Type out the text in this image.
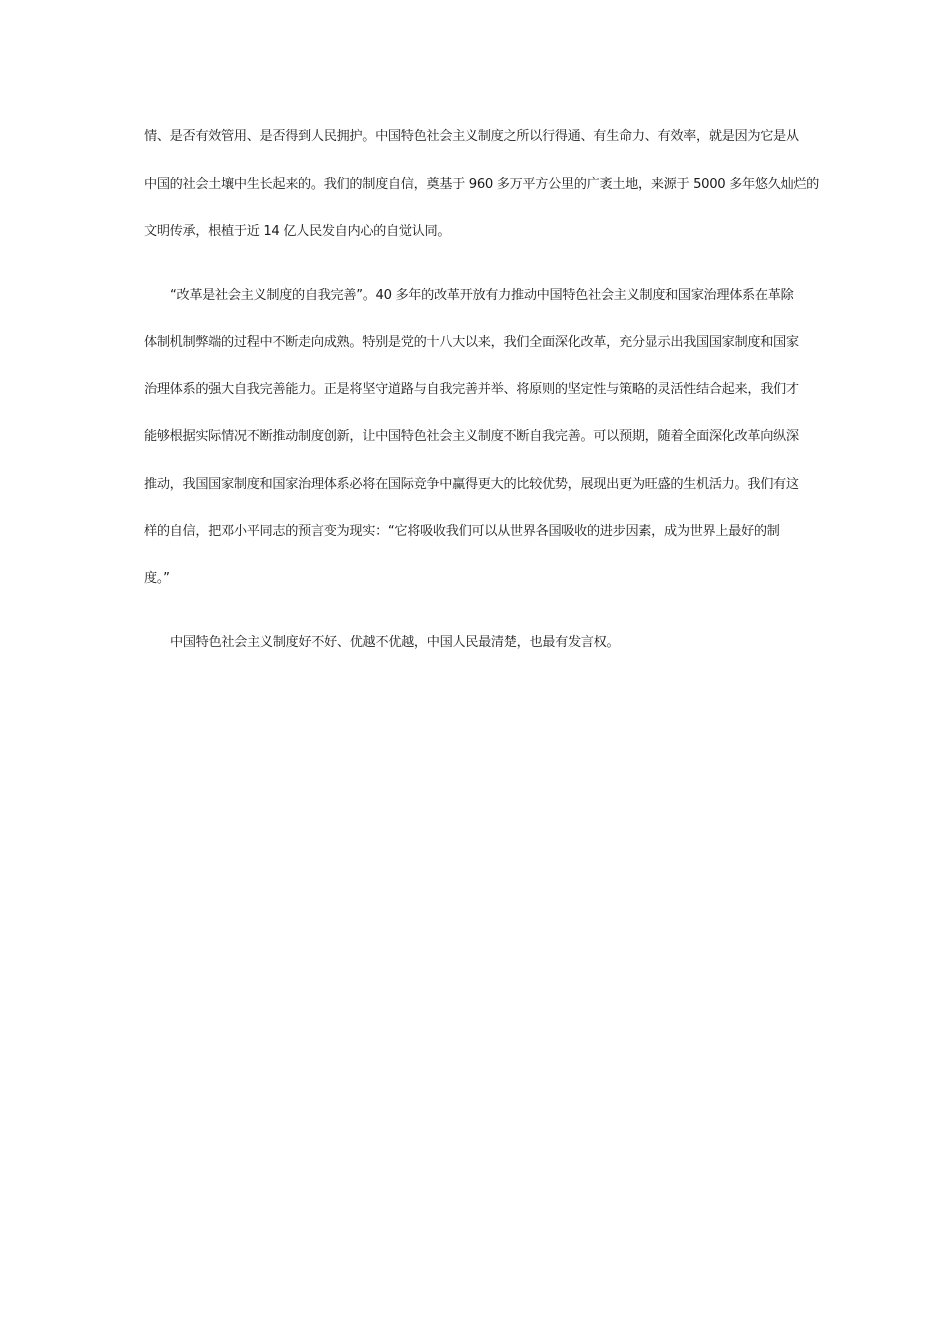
情、是否有效管用、是否得到人民拥护。中国特色社会主义制度之所以行得通、有生命力、有效率，就是因为它是从
中国的社会土壤中生长起来的。我们的制度自信，奠基于 960 多万平方公里的广袤土地，来源于 5000 多年悠久灿烂的
文明传承，根植于近 14 亿人民发自内心的自觉认同。
“改革是社会主义制度的自我完善”。40 多年的改革开放有力推动中国特色社会主义制度和国家治理体系在革除
体制机制弊端的过程中不断走向成熟。特别是党的十八大以来，我们全面深化改革，充分显示出我国国家制度和国家
治理体系的强大自我完善能力。正是将坚守道路与自我完善并举、将原则的坚定性与策略的灵活性结合起来，我们才
能够根据实际情况不断推动制度创新，让中国特色社会主义制度不断自我完善。可以预期，随着全面深化改革向纵深
推动，我国国家制度和国家治理体系必将在国际竞争中赢得更大的比较优势，展现出更为旺盛的生机活力。我们有这
样的自信，把邓小平同志的预言变为现实：“它将吸收我们可以从世界各国吸收的进步因素，成为世界上最好的制
度。”
中国特色社会主义制度好不好、优越不优越，中国人民最清楚，也最有发言权。
